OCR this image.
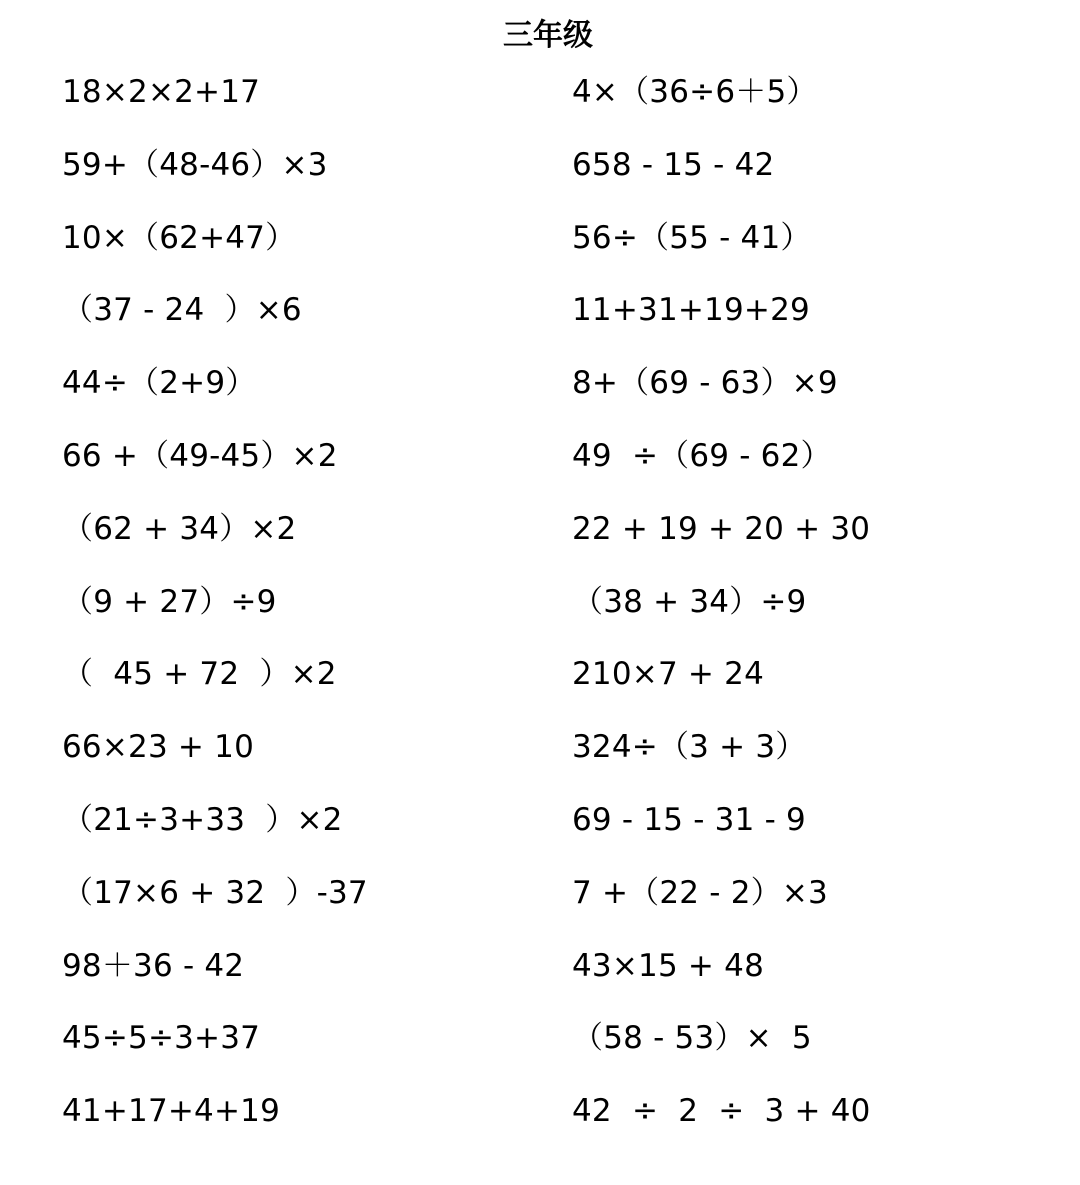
三年级
18×2×2+17
59+（48-46）×3
10×（62+47）
（37 - 24  ）×6
44÷（2+9）
66 +（49-45）×2
（62 + 34）×2
（9 + 27）÷9
（  45 + 72  ）×2
66×23 + 10
（21÷3+33  ）×2
（17×6 + 32  ）-37
98＋36 - 42
45÷5÷3+37
41+17+4+19
4×（36÷6＋5）
658 - 15 - 42
56÷（55 - 41）
11+31+19+29
8+（69 - 63）×9
49  ÷（69 - 62）
22 + 19 + 20 + 30
（38 + 34）÷9
210×7 + 24
324÷（3 + 3）
69 - 15 - 31 - 9
7 +（22 - 2）×3
43×15 + 48
（58 - 53）×  5
42  ÷  2  ÷  3 + 40
